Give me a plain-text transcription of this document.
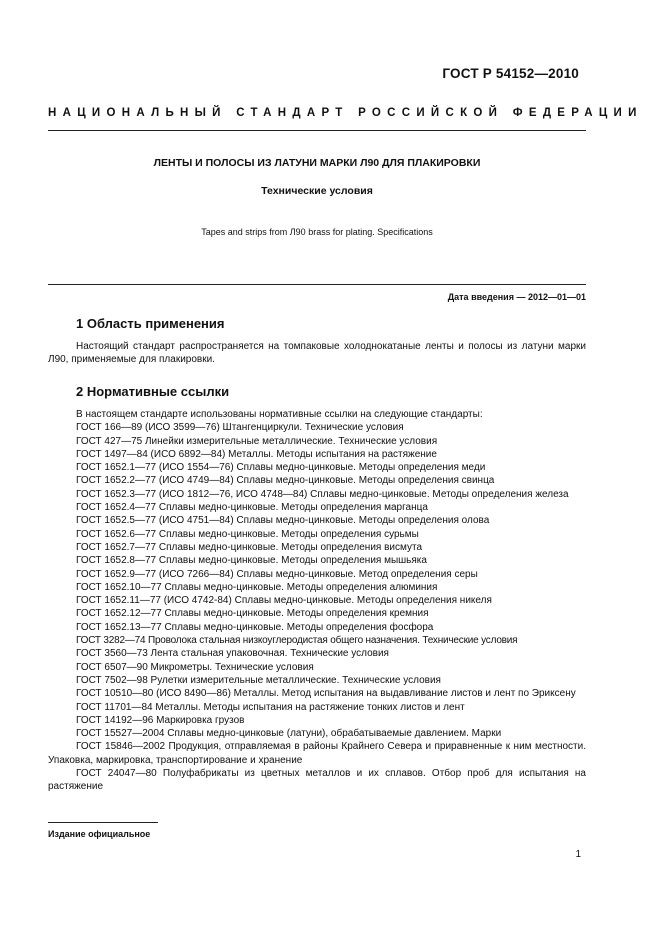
ГОСТ Р 54152—2010
НАЦИОНАЛЬНЫЙ СТАНДАРТ РОССИЙСКОЙ ФЕДЕРАЦИИ
ЛЕНТЫ И ПОЛОСЫ ИЗ ЛАТУНИ МАРКИ Л90 ДЛЯ ПЛАКИРОВКИ
Технические условия
Tapes and strips from Л90 brass for plating. Specifications
Дата введения — 2012—01—01
1 Область применения
Настоящий стандарт распространяется на томпаковые холоднокатаные ленты и полосы из латуни марки Л90, применяемые для плакировки.
2 Нормативные ссылки
В настоящем стандарте использованы нормативные ссылки на следующие стандарты:
ГОСТ 166—89 (ИСО 3599—76) Штангенциркули. Технические условия
ГОСТ 427—75 Линейки измерительные металлические. Технические условия
ГОСТ 1497—84 (ИСО 6892—84) Металлы. Методы испытания на растяжение
ГОСТ 1652.1—77 (ИСО 1554—76) Сплавы медно-цинковые. Методы определения меди
ГОСТ 1652.2—77 (ИСО 4749—84) Сплавы медно-цинковые. Методы определения свинца
ГОСТ 1652.3—77 (ИСО 1812—76, ИСО 4748—84) Сплавы медно-цинковые. Методы определения железа
ГОСТ 1652.4—77 Сплавы медно-цинковые. Методы определения марганца
ГОСТ 1652.5—77 (ИСО 4751—84) Сплавы медно-цинковые. Методы определения олова
ГОСТ 1652.6—77 Сплавы медно-цинковые. Методы определения сурьмы
ГОСТ 1652.7—77 Сплавы медно-цинковые. Методы определения висмута
ГОСТ 1652.8—77 Сплавы медно-цинковые. Методы определения мышьяка
ГОСТ 1652.9—77 (ИСО 7266—84) Сплавы медно-цинковые. Метод определения серы
ГОСТ 1652.10—77 Сплавы медно-цинковые. Методы определения алюминия
ГОСТ 1652.11—77 (ИСО 4742-84) Сплавы медно-цинковые. Методы определения никеля
ГОСТ 1652.12—77 Сплавы медно-цинковые. Методы определения кремния
ГОСТ 1652.13—77 Сплавы медно-цинковые. Методы определения фосфора
ГОСТ 3282—74 Проволока стальная низкоуглеродистая общего назначения. Технические условия
ГОСТ 3560—73 Лента стальная упаковочная. Технические условия
ГОСТ 6507—90 Микрометры. Технические условия
ГОСТ 7502—98 Рулетки измерительные металлические. Технические условия
ГОСТ 10510—80 (ИСО 8490—86) Металлы. Метод испытания на выдавливание листов и лент по Эриксену
ГОСТ 11701—84 Металлы. Методы испытания на растяжение тонких листов и лент
ГОСТ 14192—96 Маркировка грузов
ГОСТ 15527—2004 Сплавы медно-цинковые (латуни), обрабатываемые давлением. Марки
ГОСТ 15846—2002 Продукция, отправляемая в районы Крайнего Севера и приравненные к ним местности. Упаковка, маркировка, транспортирование и хранение
ГОСТ 24047—80 Полуфабрикаты из цветных металлов и их сплавов. Отбор проб для испытания на растяжение
Издание официальное
1
